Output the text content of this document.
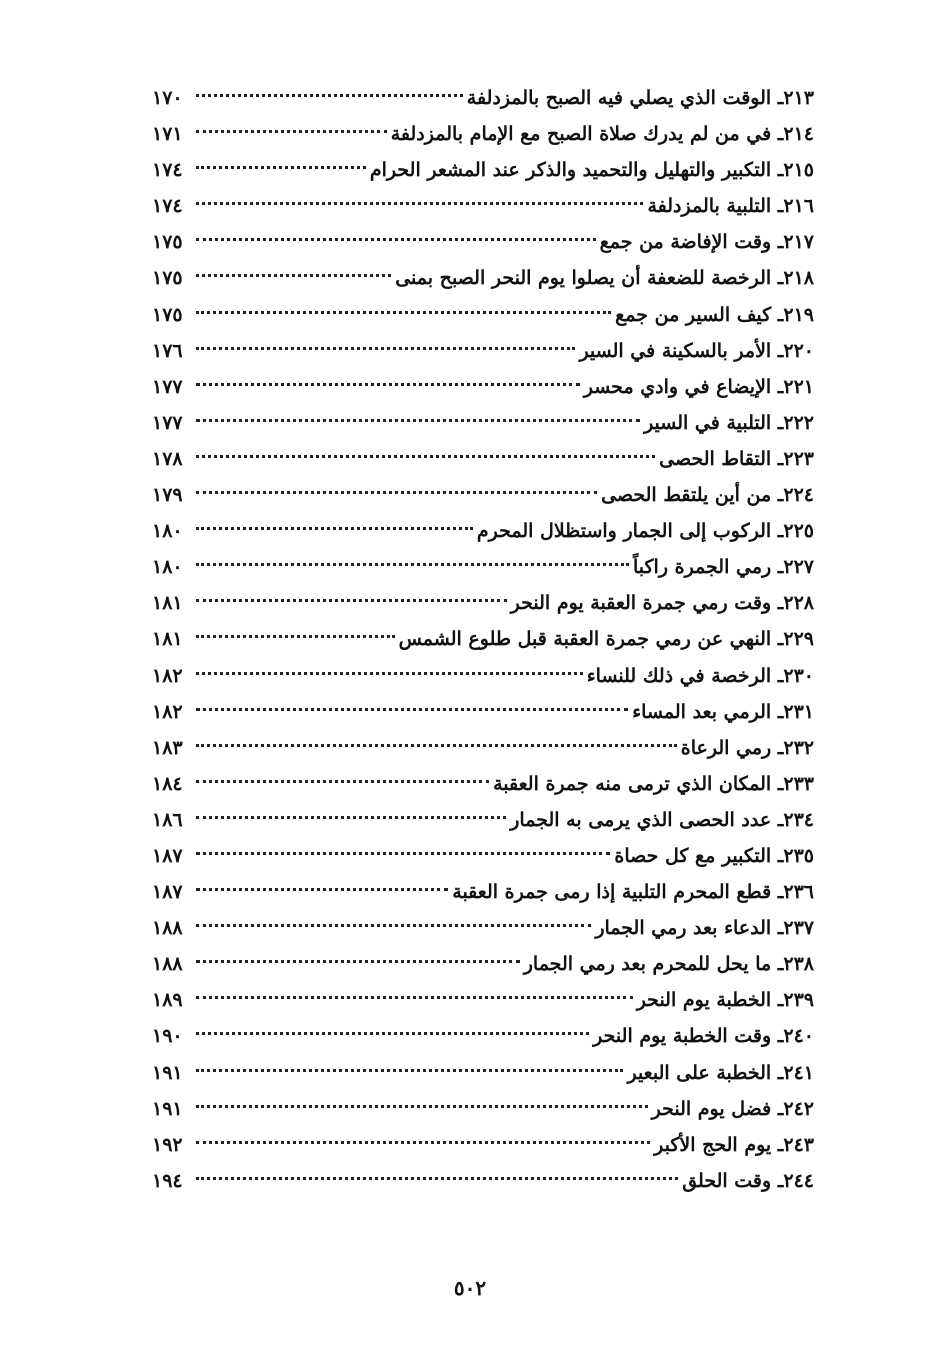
٢١٣ـ الوقت الذي يصلي فيه الصبح بالمزدلفة
١٧٠
٢١٤ـ في من لم يدرك صلاة الصبح مع الإمام بالمزدلفة
١٧١
٢١٥ـ التكبير والتهليل والتحميد والذكر عند المشعر الحرام
١٧٤
٢١٦ـ التلبية بالمزدلفة
١٧٤
٢١٧ـ وقت الإفاضة من جمع
١٧٥
٢١٨ـ الرخصة للضعفة أن يصلوا يوم النحر الصبح بمنى
١٧٥
٢١٩ـ كيف السير من جمع
١٧٥
٢٢٠ـ الأمر بالسكينة في السير
١٧٦
٢٢١ـ الإيضاع في وادي محسر
١٧٧
٢٢٢ـ التلبية في السير
١٧٧
٢٢٣ـ التقاط الحصى
١٧٨
٢٢٤ـ من أين يلتقط الحصى
١٧٩
٢٢٥ـ الركوب إلى الجمار واستظلال المحرم
١٨٠
٢٢٧ـ رمي الجمرة راكباً
١٨٠
٢٢٨ـ وقت رمي جمرة العقبة يوم النحر
١٨١
٢٢٩ـ النهي عن رمي جمرة العقبة قبل طلوع الشمس
١٨١
٢٣٠ـ الرخصة في ذلك للنساء
١٨٢
٢٣١ـ الرمي بعد المساء
١٨٢
٢٣٢ـ رمي الرعاة
١٨٣
٢٣٣ـ المكان الذي ترمى منه جمرة العقبة
١٨٤
٢٣٤ـ عدد الحصى الذي يرمى به الجمار
١٨٦
٢٣٥ـ التكبير مع كل حصاة
١٨٧
٢٣٦ـ قطع المحرم التلبية إذا رمى جمرة العقبة
١٨٧
٢٣٧ـ الدعاء بعد رمي الجمار
١٨٨
٢٣٨ـ ما يحل للمحرم بعد رمي الجمار
١٨٨
٢٣٩ـ الخطبة يوم النحر
١٨٩
٢٤٠ـ وقت الخطبة يوم النحر
١٩٠
٢٤١ـ الخطبة على البعير
١٩١
٢٤٢ـ فضل يوم النحر
١٩١
٢٤٣ـ يوم الحج الأكبر
١٩٢
٢٤٤ـ وقت الحلق
١٩٤
٥٠٢
